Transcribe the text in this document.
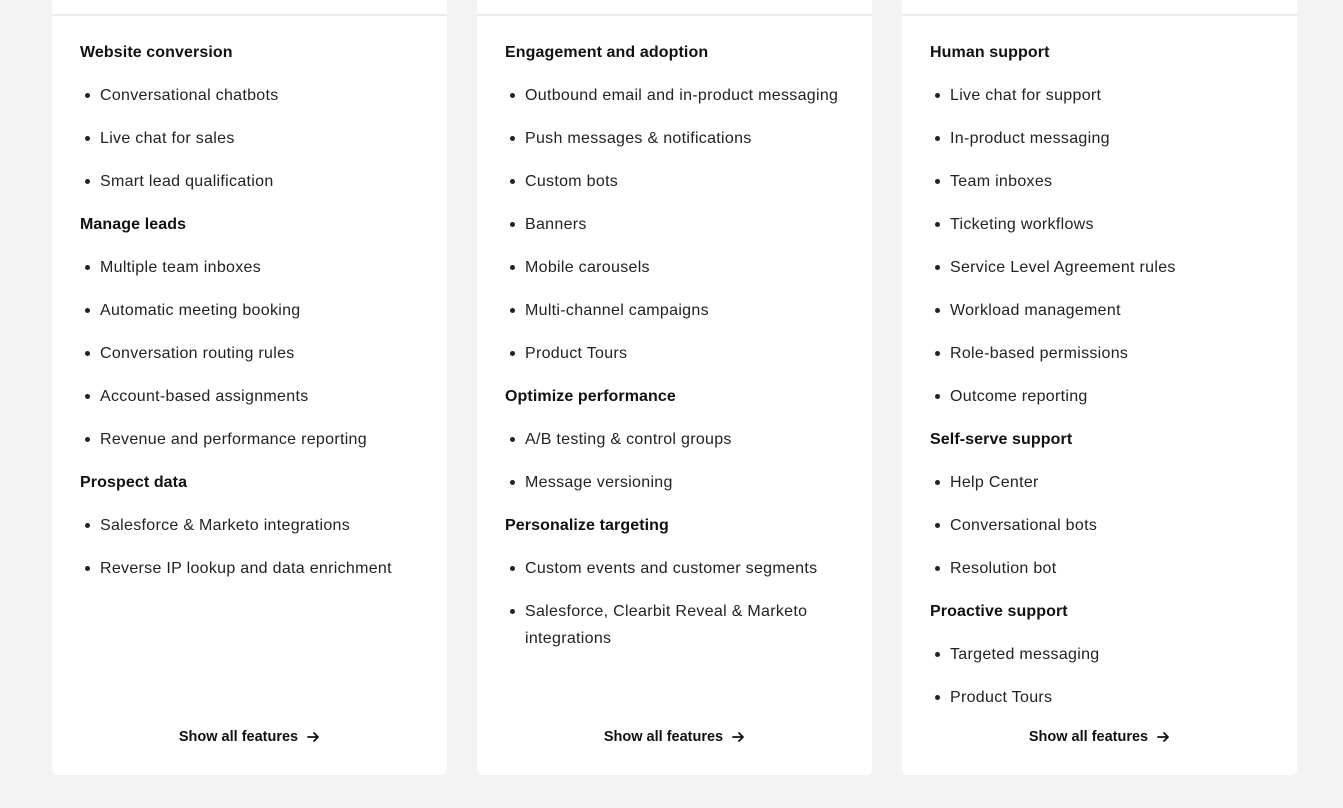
Website conversion
Conversational chatbots
Live chat for sales
Smart lead qualification
Manage leads
Multiple team inboxes
Automatic meeting booking
Conversation routing rules
Account-based assignments
Revenue and performance reporting
Prospect data
Salesforce & Marketo integrations
Reverse IP lookup and data enrichment
Show all features
Engagement and adoption
Outbound email and in-product messaging
Push messages & notifications
Custom bots
Banners
Mobile carousels
Multi-channel campaigns
Product Tours
Optimize performance
A/B testing & control groups
Message versioning
Personalize targeting
Custom events and customer segments
Salesforce, Clearbit Reveal & Marketo integrations
Show all features
Human support
Live chat for support
In-product messaging
Team inboxes
Ticketing workflows
Service Level Agreement rules
Workload management
Role-based permissions
Outcome reporting
Self-serve support
Help Center
Conversational bots
Resolution bot
Proactive support
Targeted messaging
Product Tours
Show all features
